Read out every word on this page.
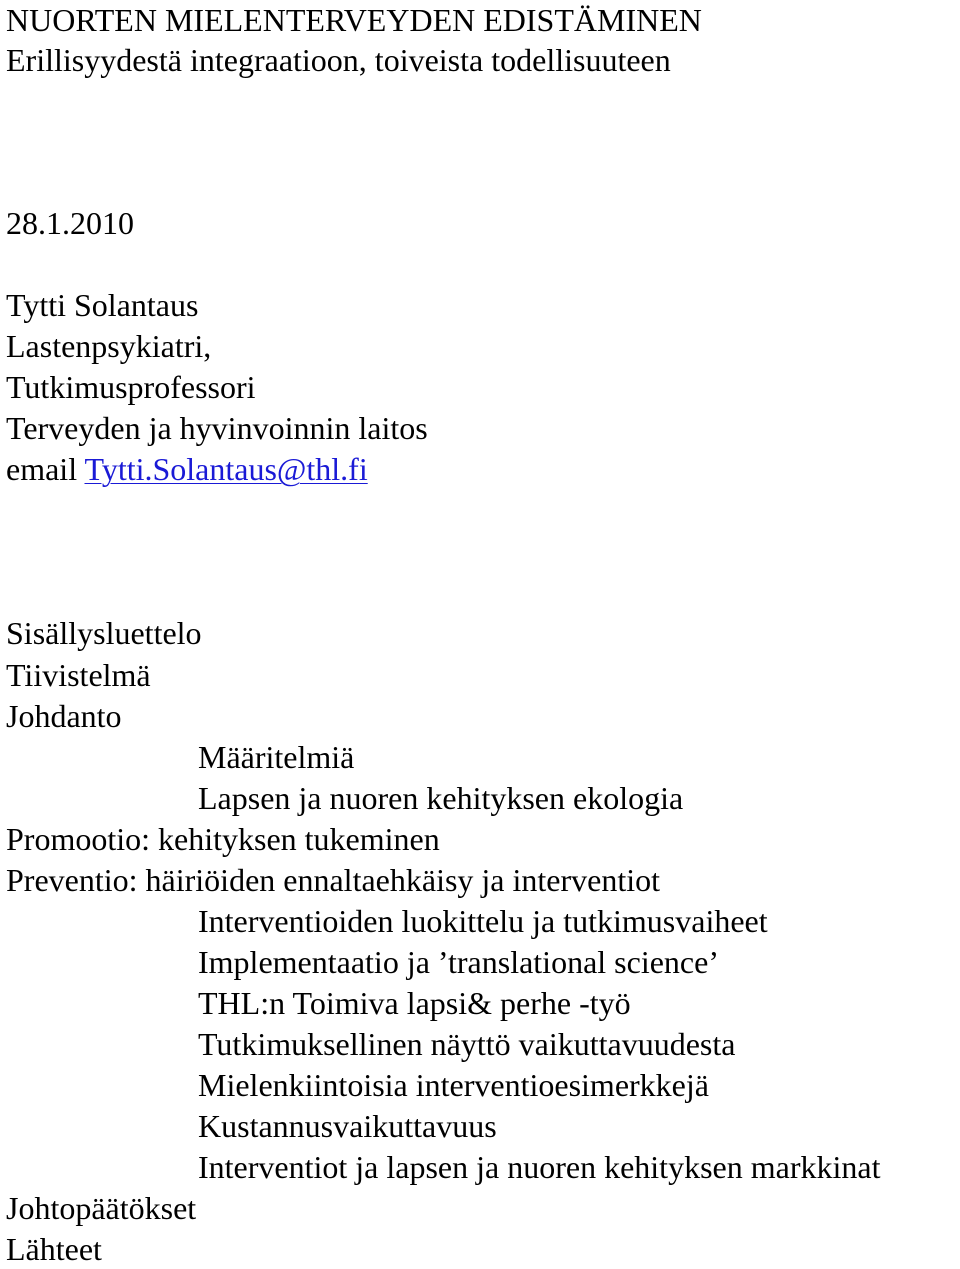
NUORTEN MIELENTERVEYDEN EDISTÄMINEN

Erillisyydestä integraatioon, toiveista todellisuuteen

28.1.2010

Tytti Solantaus

Lastenpsykiatri,

Tutkimusprofessori

Terveyden ja hyvinvoinnin laitos

email Tytti.Solantaus@thl.fi

Sisällysluettelo

Tiivistelmä

Johdanto

Määritelmiä

Lapsen ja nuoren kehityksen ekologia

Promootio: kehityksen tukeminen

Preventio: häiriöiden ennaltaehkäisy ja interventiot

Interventioiden luokittelu ja tutkimusvaiheet

Implementaatio ja ’translational science’

THL:n Toimiva lapsi& perhe -työ

Tutkimuksellinen näyttö vaikuttavuudesta

Mielenkiintoisia interventioesimerkkejä

Kustannusvaikuttavuus

Interventiot ja lapsen ja nuoren kehityksen markkinat

Johtopäätökset

Lähteet
